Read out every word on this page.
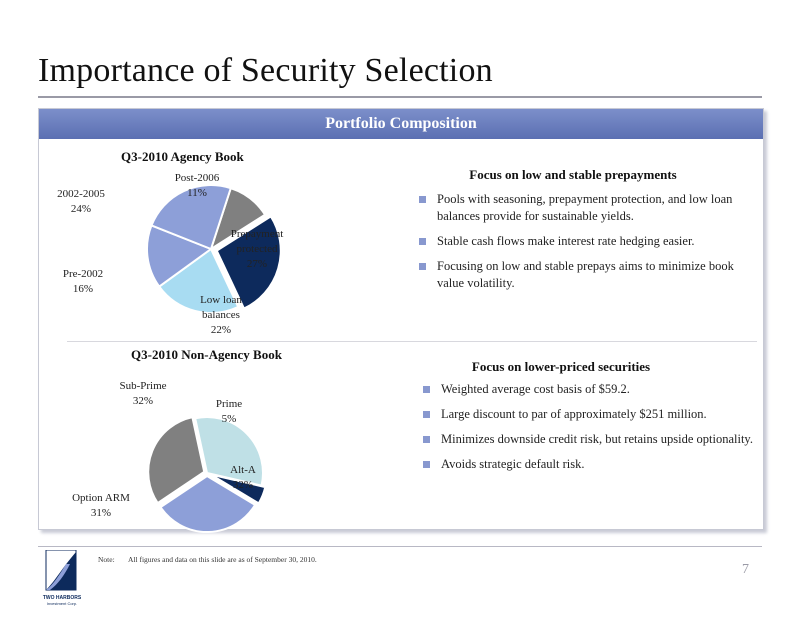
Importance of Security Selection
Portfolio Composition
Q3-2010 Agency Book
Post-2006
11%
Prepayment
protected
27%
Low loan
balances
22%
Pre-2002
16%
2002-2005
24%
Focus on low and stable prepayments
Pools with seasoning, prepayment protection, and low loan balances provide for sustainable yields.
Stable cash flows make interest rate hedging easier.
Focusing on low and stable prepays aims to minimize book value volatility.
Q3-2010 Non-Agency Book
Prime
5%
Alt-A
32%
Option ARM
31%
Sub-Prime
32%
Focus on lower-priced securities
Weighted average cost basis of $59.2.
Large discount to par of approximately $251 million.
Minimizes downside credit risk, but retains upside optionality.
Avoids strategic default risk.
TWO HARBORS
Investment Corp.
Note: All figures and data on this slide are as of September 30, 2010.
7
